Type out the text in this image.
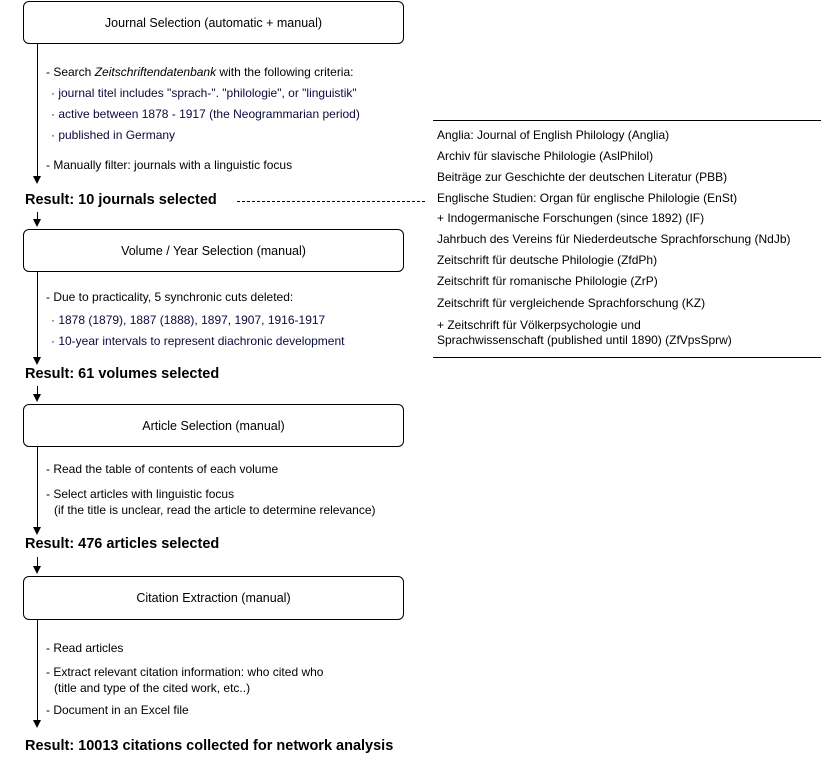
Journal Selection (automatic + manual)
- Search Zeitschriftendatenbank with the following criteria:
· journal titel includes "sprach-". "philologie", or "linguistik"
· active between 1878 - 1917 (the Neogrammarian period)
· published in Germany
- Manually filter: journals with a linguistic focus
Result: 10 journals selected
Volume / Year Selection (manual)
- Due to practicality, 5 synchronic cuts deleted:
· 1878 (1879), 1887 (1888), 1897, 1907, 1916-1917
· 10-year intervals to represent diachronic development
Result: 61 volumes selected
Article Selection (manual)
- Read the table of contents of each volume
- Select articles with linguistic focus
(if the title is unclear, read the article to determine relevance)
Result: 476 articles selected
Citation Extraction (manual)
- Read articles
- Extract relevant citation information: who cited who
(title and type of the cited work, etc..)
- Document in an Excel file
Result: 10013 citations collected for network analysis
Anglia: Journal of English Philology (Anglia)
Archiv für slavische Philologie (AslPhilol)
Beiträge zur Geschichte der deutschen Literatur (PBB)
Englische Studien: Organ für englische Philologie (EnSt)
+ Indogermanische Forschungen (since 1892) (IF)
Jahrbuch des Vereins für Niederdeutsche Sprachforschung (NdJb)
Zeitschrift für deutsche Philologie (ZfdPh)
Zeitschrift für romanische Philologie (ZrP)
Zeitschrift für vergleichende Sprachforschung (KZ)
+ Zeitschrift für Völkerpsychologie und
Sprachwissenschaft (published until 1890) (ZfVpsSprw)
